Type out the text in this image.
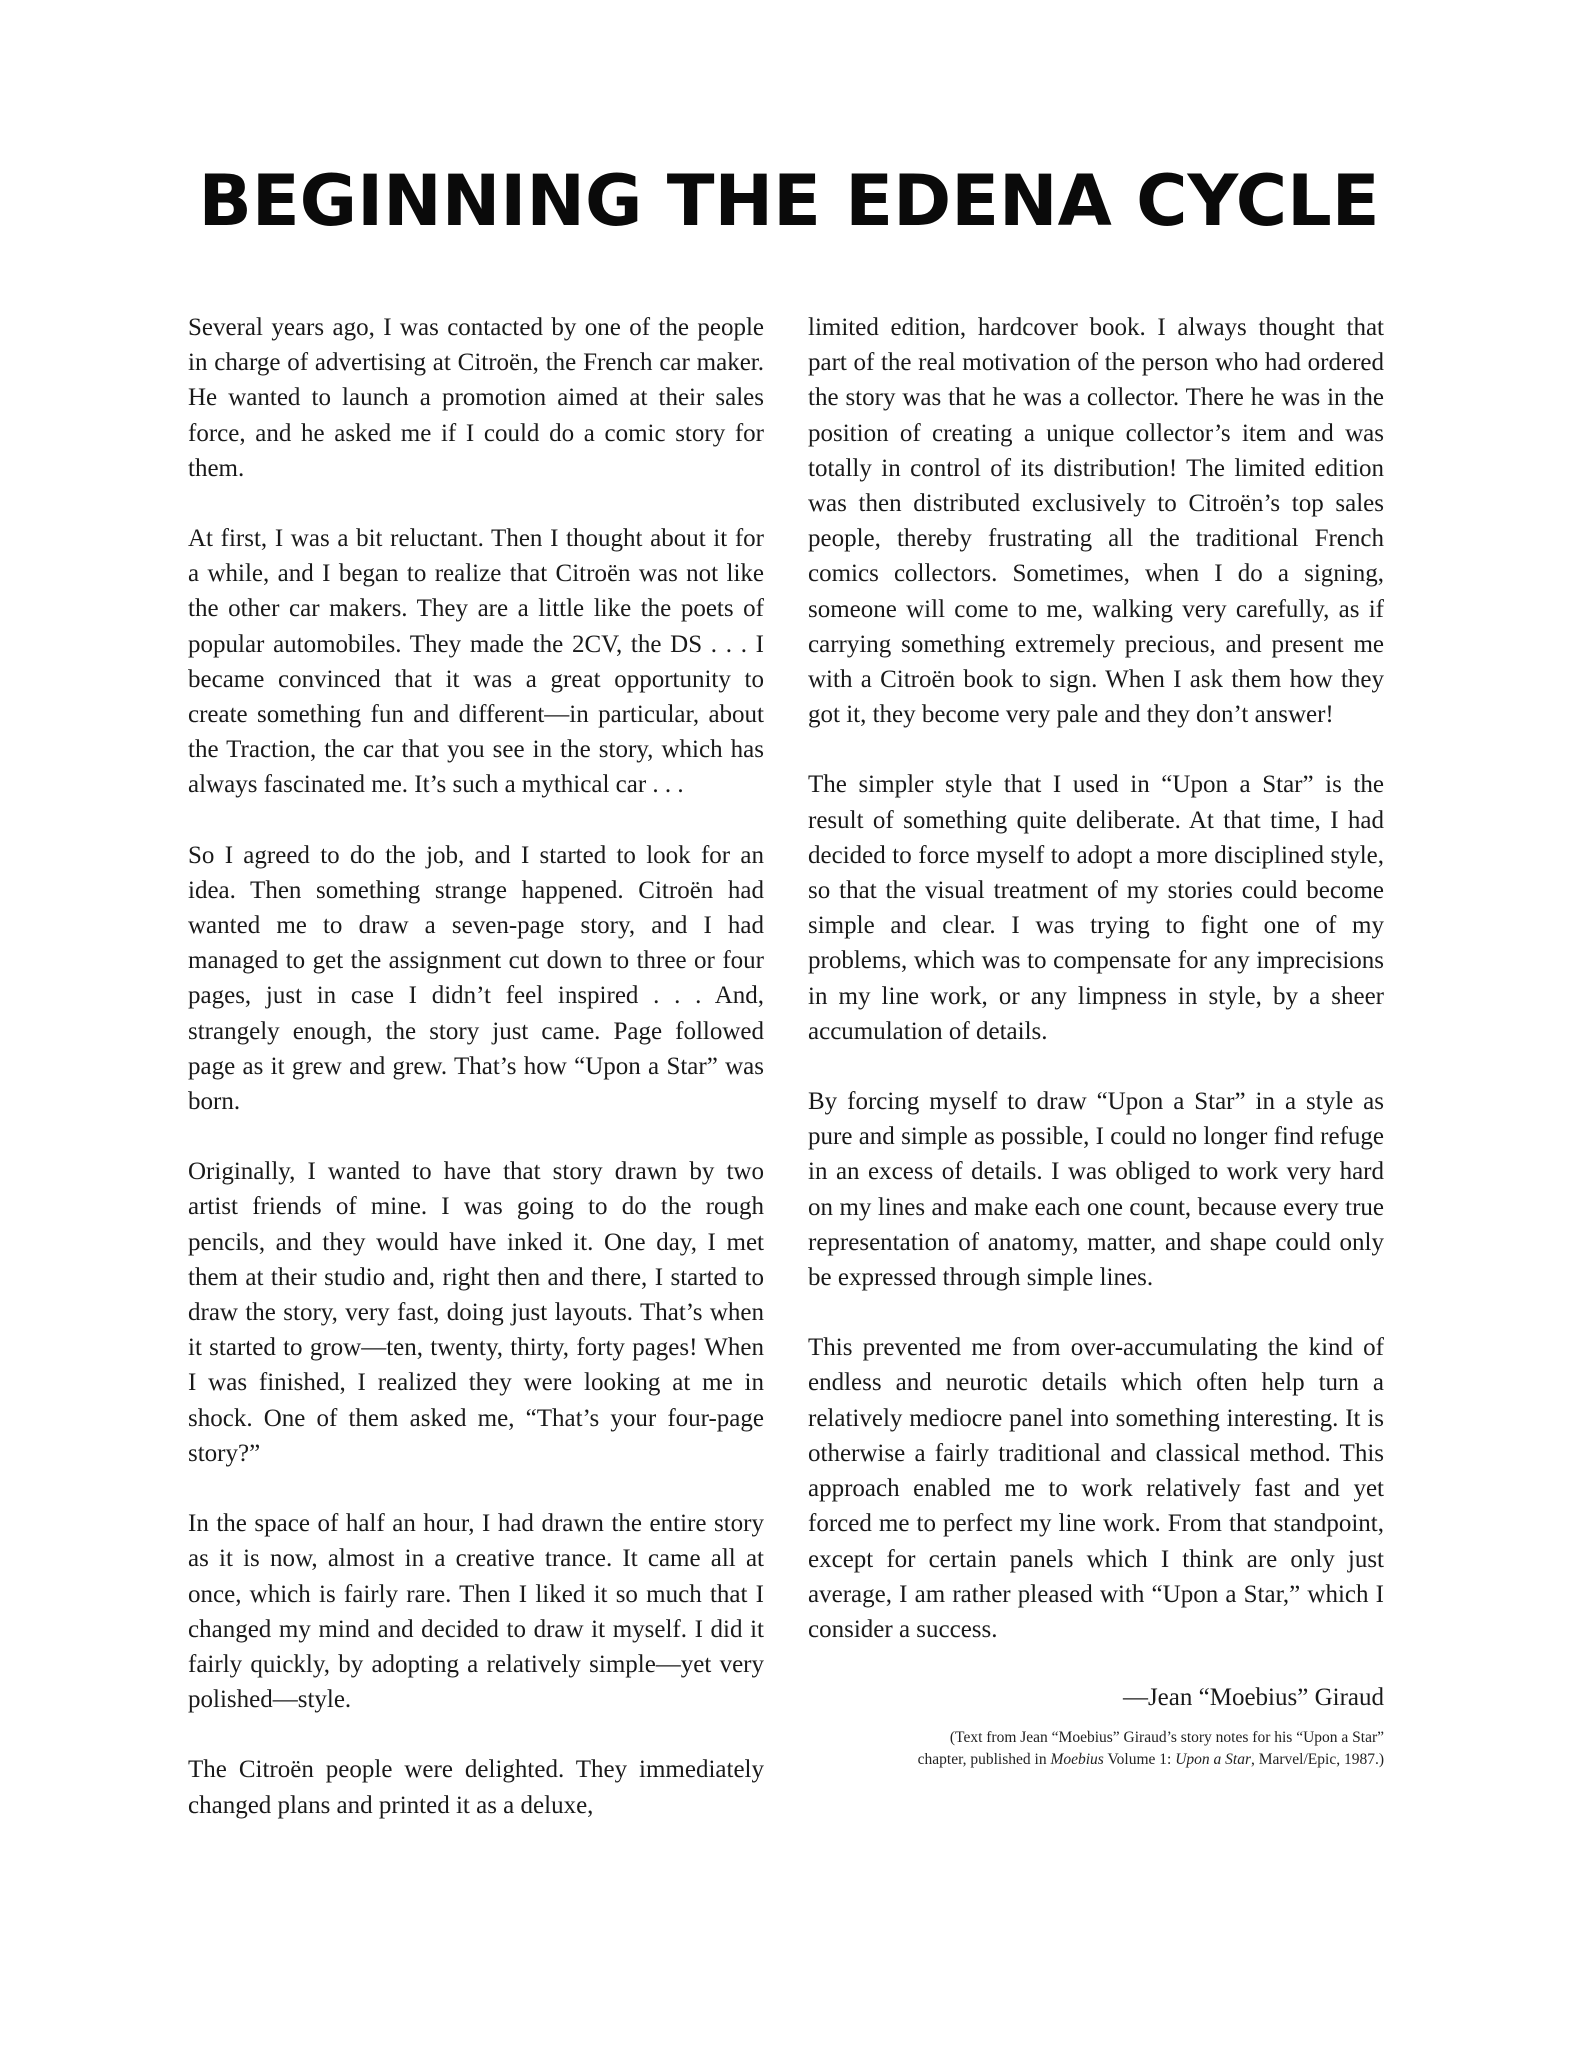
BEGINNING THE EDENA CYCLE

Several years ago, I was contacted by one of the people in charge of advertising at Citroën, the French car maker. He wanted to launch a promotion aimed at their sales force, and he asked me if I could do a comic story for them.

At first, I was a bit reluctant. Then I thought about it for a while, and I began to realize that Citroën was not like the other car makers. They are a little like the poets of popular automobiles. They made the 2CV, the DS . . . I became convinced that it was a great opportunity to create something fun and different—in particular, about the Traction, the car that you see in the story, which has always fascinated me. It’s such a mythical car . . .

So I agreed to do the job, and I started to look for an idea. Then something strange happened. Citroën had wanted me to draw a seven-page story, and I had managed to get the assignment cut down to three or four pages, just in case I didn’t feel inspired . . . And, strangely enough, the story just came. Page followed page as it grew and grew. That’s how “Upon a Star” was born.

Originally, I wanted to have that story drawn by two artist friends of mine. I was going to do the rough pencils, and they would have inked it. One day, I met them at their studio and, right then and there, I started to draw the story, very fast, doing just layouts. That’s when it started to grow—ten, twenty, thirty, forty pages! When I was finished, I realized they were looking at me in shock. One of them asked me, “That’s your four-page story?”

In the space of half an hour, I had drawn the entire story as it is now, almost in a creative trance. It came all at once, which is fairly rare. Then I liked it so much that I changed my mind and decided to draw it myself. I did it fairly quickly, by adopting a relatively simple—yet very polished—style.

The Citroën people were delighted. They immediately changed plans and printed it as a deluxe,

limited edition, hardcover book. I always thought that part of the real motivation of the person who had ordered the story was that he was a collector. There he was in the position of creating a unique collector’s item and was totally in control of its distribution! The limited edition was then distributed exclusively to Citroën’s top sales people, thereby frustrating all the traditional French comics collectors. Sometimes, when I do a signing, someone will come to me, walking very carefully, as if carrying something extremely precious, and present me with a Citroën book to sign. When I ask them how they got it, they become very pale and they don’t answer!

The simpler style that I used in “Upon a Star” is the result of something quite deliberate. At that time, I had decided to force myself to adopt a more disciplined style, so that the visual treatment of my stories could become simple and clear. I was trying to fight one of my problems, which was to compensate for any imprecisions in my line work, or any limpness in style, by a sheer accumulation of details.

By forcing myself to draw “Upon a Star” in a style as pure and simple as possible, I could no longer find refuge in an excess of details. I was obliged to work very hard on my lines and make each one count, because every true representation of anatomy, matter, and shape could only be expressed through simple lines.

This prevented me from over-accumulating the kind of endless and neurotic details which often help turn a relatively mediocre panel into something interesting. It is otherwise a fairly traditional and classical method. This approach enabled me to work relatively fast and yet forced me to perfect my line work. From that standpoint, except for certain panels which I think are only just average, I am rather pleased with “Upon a Star,” which I consider a success.

—Jean “Moebius” Giraud
(Text from Jean “Moebius” Giraud’s story notes for his “Upon a Star”
chapter, published in Moebius Volume 1: Upon a Star, Marvel/Epic, 1987.)
